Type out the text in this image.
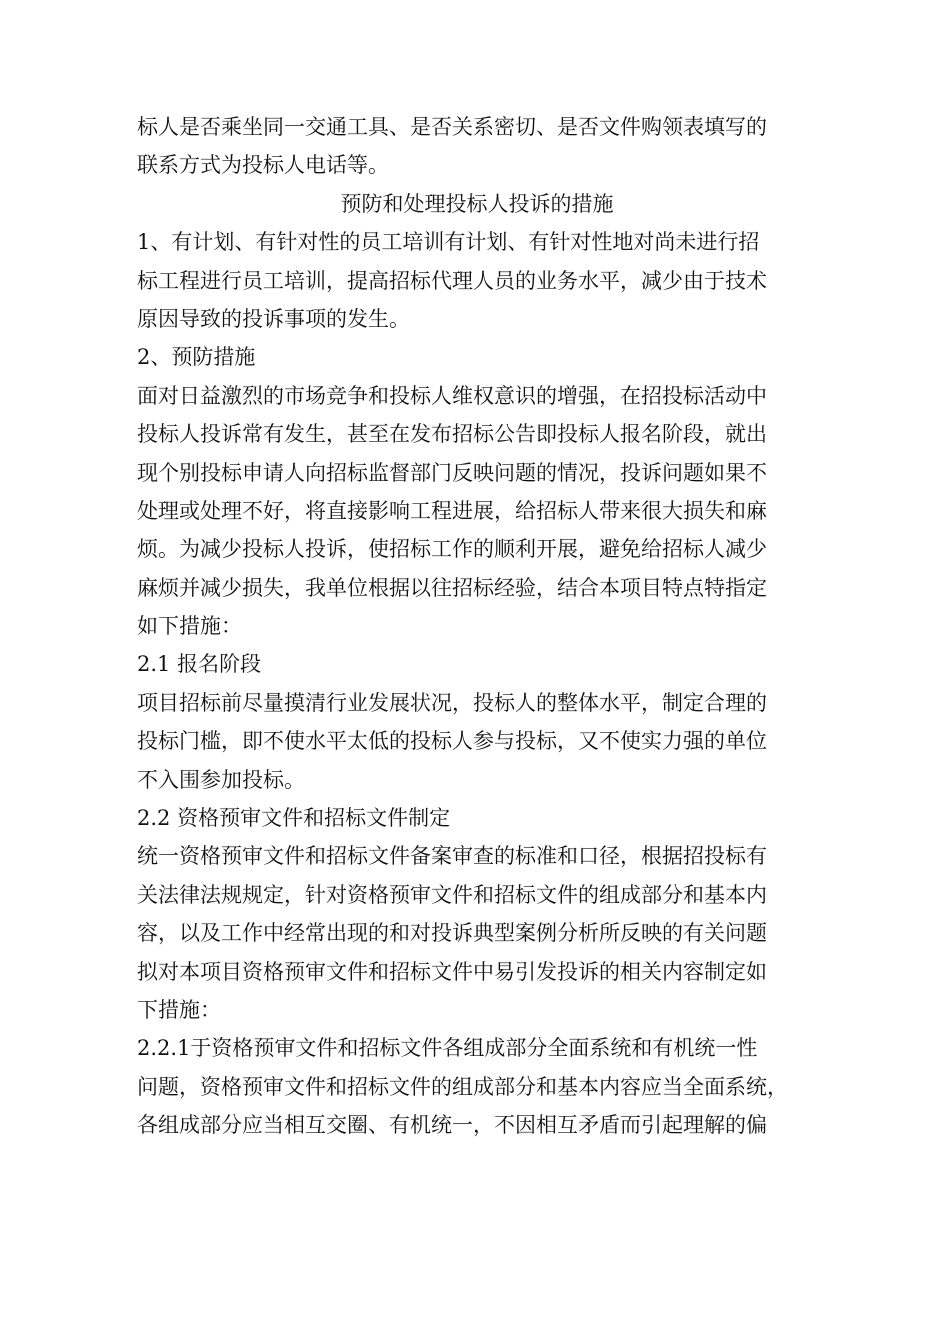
标人是否乘坐同一交通工具、是否关系密切、是否文件购领表填写的
联系方式为投标人电话等。
预防和处理投标人投诉的措施
1、有计划、有针对性的员工培训有计划、有针对性地对尚未进行招
标工程进行员工培训，提高招标代理人员的业务水平，减少由于技术
原因导致的投诉事项的发生。
2、预防措施
面对日益激烈的市场竞争和投标人维权意识的增强，在招投标活动中
投标人投诉常有发生，甚至在发布招标公告即投标人报名阶段，就出
现个别投标申请人向招标监督部门反映问题的情况，投诉问题如果不
处理或处理不好，将直接影响工程进展，给招标人带来很大损失和麻
烦。为减少投标人投诉，使招标工作的顺利开展，避免给招标人减少
麻烦并减少损失，我单位根据以往招标经验，结合本项目特点特指定
如下措施：
2.1 报名阶段
项目招标前尽量摸清行业发展状况，投标人的整体水平，制定合理的
投标门槛，即不使水平太低的投标人参与投标，又不使实力强的单位
不入围参加投标。
2.2 资格预审文件和招标文件制定
统一资格预审文件和招标文件备案审查的标准和口径，根据招投标有
关法律法规规定，针对资格预审文件和招标文件的组成部分和基本内
容，以及工作中经常出现的和对投诉典型案例分析所反映的有关问题
拟对本项目资格预审文件和招标文件中易引发投诉的相关内容制定如
下措施：
2.2.1于资格预审文件和招标文件各组成部分全面系统和有机统一性
问题，资格预审文件和招标文件的组成部分和基本内容应当全面系统，
各组成部分应当相互交圈、有机统一，不因相互矛盾而引起理解的偏
